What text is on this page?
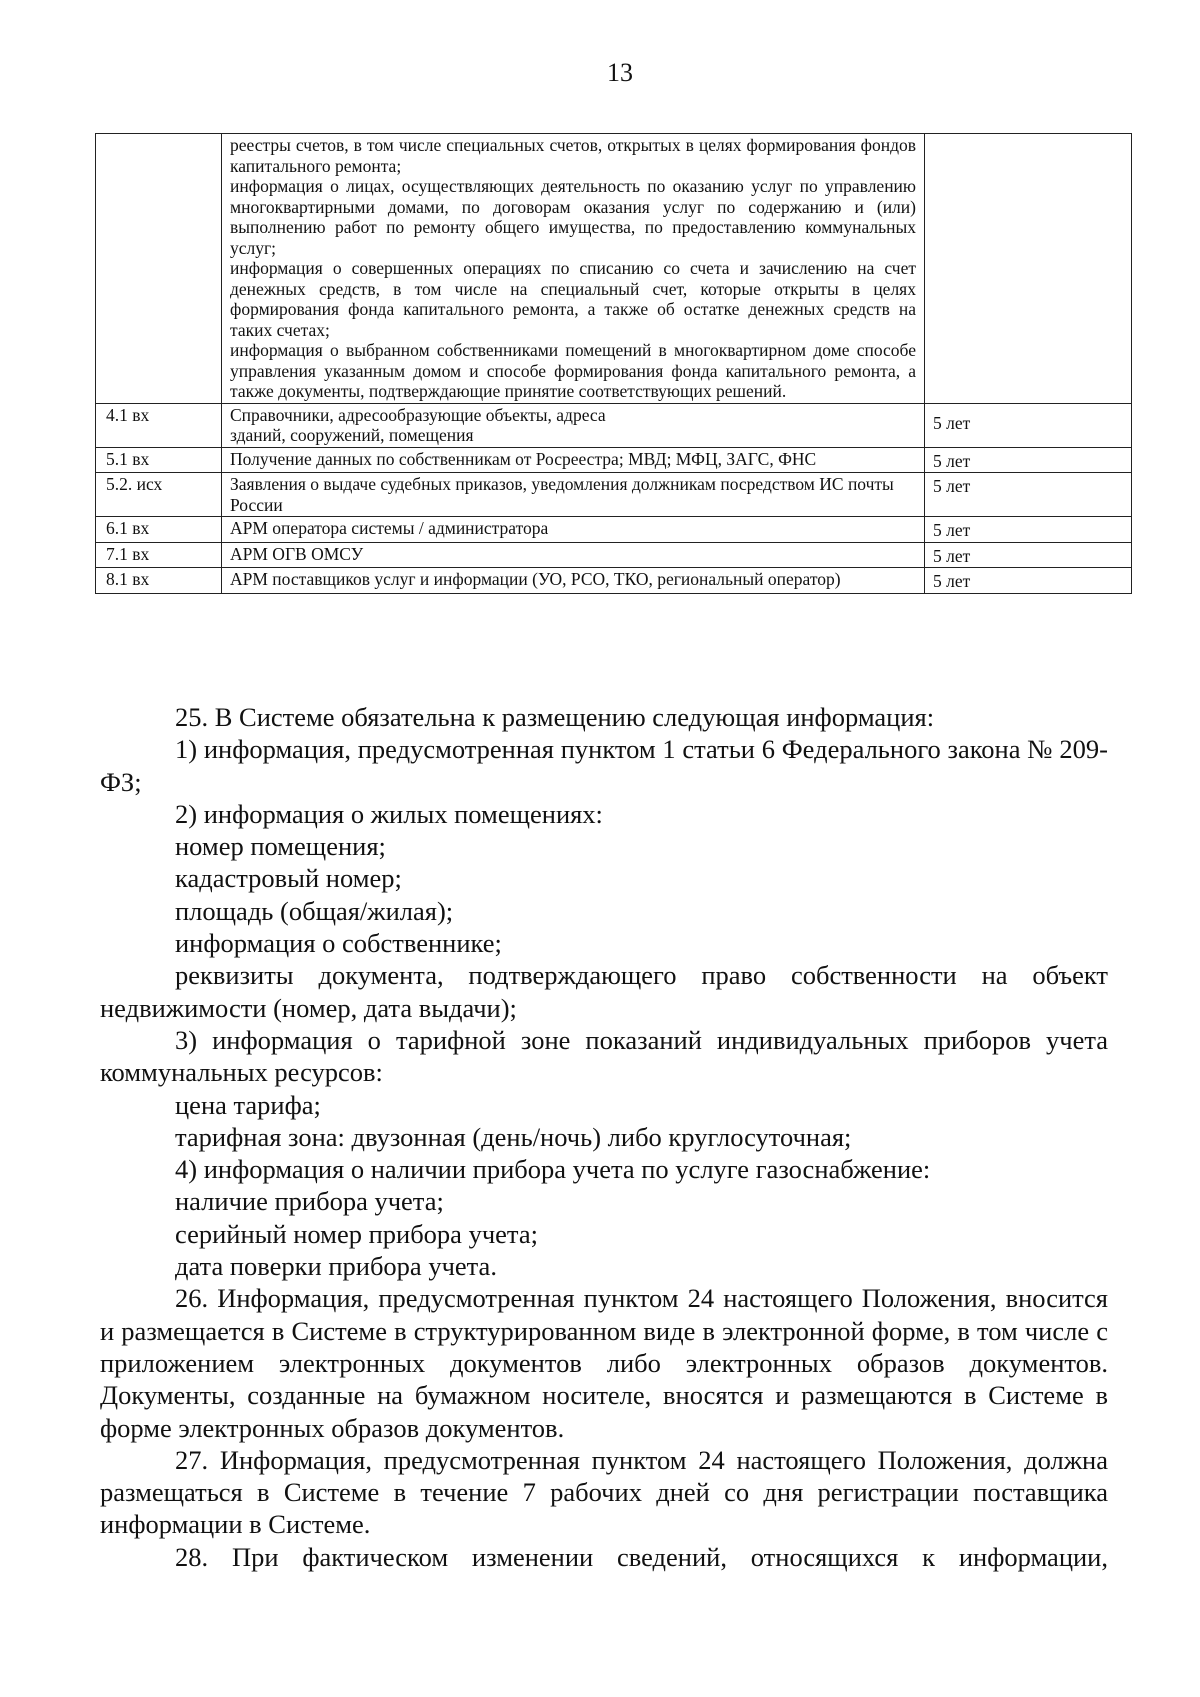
13

	реестры счетов, в том числе специальных счетов, открытых в целях формирования фондов капитального ремонта;
информация о лицах, осуществляющих деятельность по оказанию услуг по управлению многоквартирными домами, по договорам оказания услуг по содержанию и (или) выполнению работ по ремонту общего имущества, по предоставлению коммунальных услуг;
информация о совершенных операциях по списанию со счета и зачислению на счет денежных средств, в том числе на специальный счет, которые открыты в целях формирования фонда капитального ремонта, а также об остатке денежных средств на таких счетах;
информация о выбранном собственниками помещений в многоквартирном доме способе управления указанным домом и способе формирования фонда капитального ремонта, а также документы, подтверждающие принятие соответствующих решений.	

4.1 вх	Справочники, адресообразующие объекты, адреса зданий, сооружений, помещения	5 лет
5.1 вх	Получение данных по собственникам от Росреестра; МВД; МФЦ, ЗАГС, ФНС	5 лет
5.2. исх	Заявления о выдаче судебных приказов, уведомления должникам посредством ИС почты России	5 лет
6.1 вх	АРМ оператора системы / администратора	5 лет
7.1 вх	АРМ ОГВ ОМСУ	5 лет
8.1 вх	АРМ поставщиков услуг и информации (УО, РСО, ТКО, региональный оператор)	5 лет

25. В Системе обязательна к размещению следующая информация:

1) информация, предусмотренная пунктом 1 статьи 6 Федерального закона № 209-ФЗ;

2) информация о жилых помещениях:

номер помещения;

кадастровый номер;

площадь (общая/жилая);

информация о собственнике;

реквизиты документа, подтверждающего право собственности на объект недвижимости (номер, дата выдачи);

3) информация о тарифной зоне показаний индивидуальных приборов учета коммунальных ресурсов:

цена тарифа;

тарифная зона: двузонная (день/ночь) либо круглосуточная;

4) информация о наличии прибора учета по услуге газоснабжение:

наличие прибора учета;

серийный номер прибора учета;

дата поверки прибора учета.

26. Информация, предусмотренная пунктом 24 настоящего Положения, вносится и размещается в Системе в структурированном виде в электронной форме, в том числе с приложением электронных документов либо электронных образов документов. Документы, созданные на бумажном носителе, вносятся и размещаются в Системе в форме электронных образов документов.

27. Информация, предусмотренная пунктом 24 настоящего Положения, должна размещаться в Системе в течение 7 рабочих дней со дня регистрации поставщика информации в Системе.

28. При фактическом изменении сведений, относящихся к информации,
